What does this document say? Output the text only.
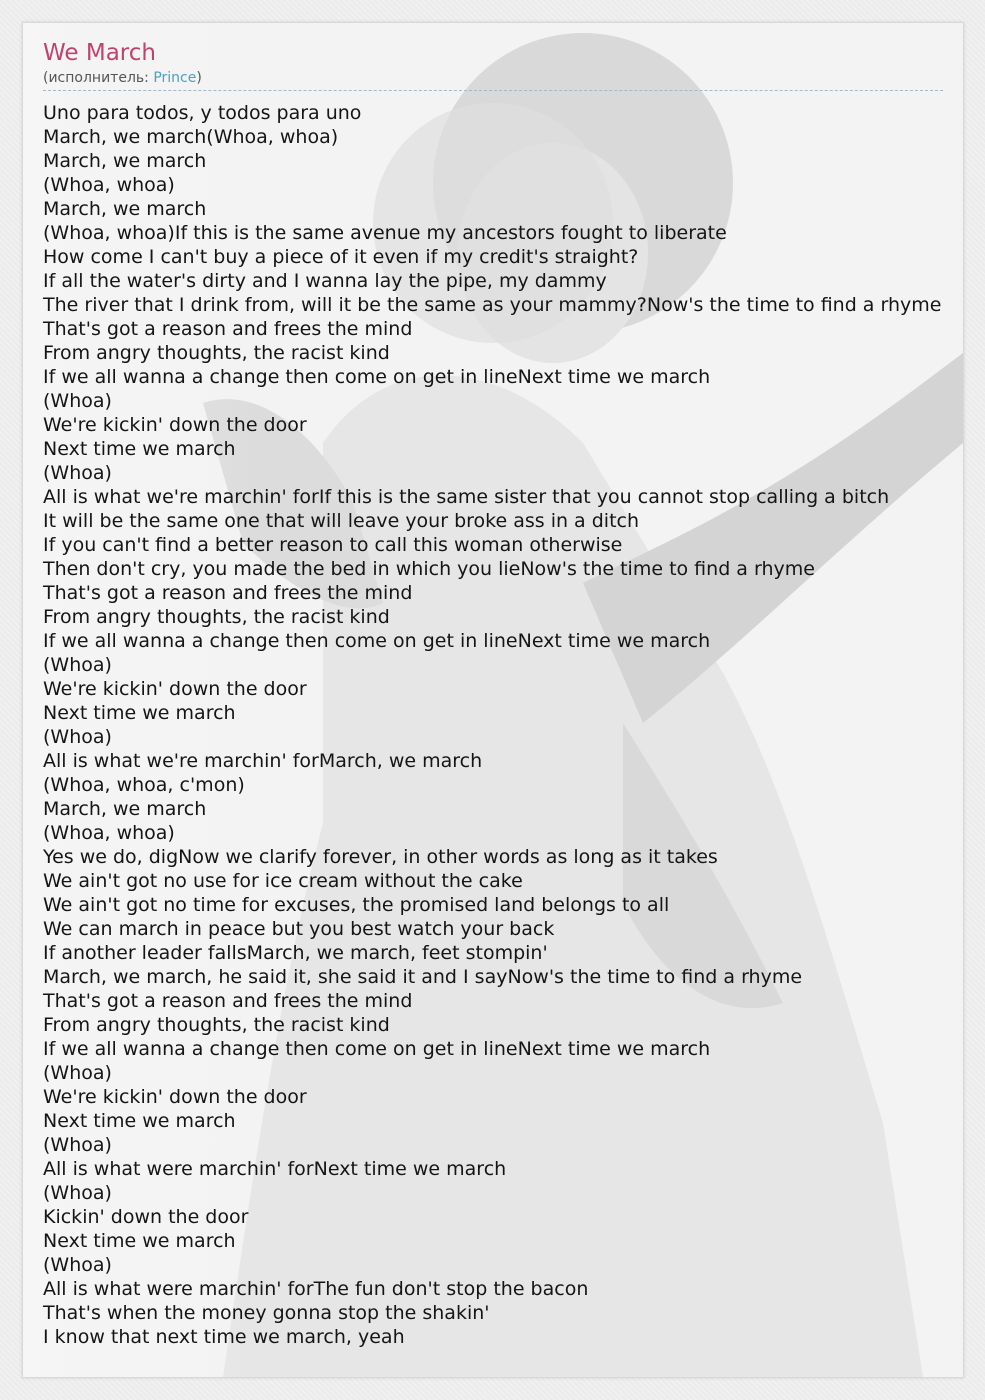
We March
(исполнитель: Prince)
Uno para todos, y todos para uno
March, we march(Whoa, whoa)
March, we march
(Whoa, whoa)
March, we march
(Whoa, whoa)If this is the same avenue my ancestors fought to liberate
How come I can't buy a piece of it even if my credit's straight?
If all the water's dirty and I wanna lay the pipe, my dammy
The river that I drink from, will it be the same as your mammy?Now's the time to find a rhyme
That's got a reason and frees the mind
From angry thoughts, the racist kind
If we all wanna a change then come on get in lineNext time we march
(Whoa)
We're kickin' down the door
Next time we march
(Whoa)
All is what we're marchin' forIf this is the same sister that you cannot stop calling a bitch
It will be the same one that will leave your broke ass in a ditch
If you can't find a better reason to call this woman otherwise
Then don't cry, you made the bed in which you lieNow's the time to find a rhyme
That's got a reason and frees the mind
From angry thoughts, the racist kind
If we all wanna a change then come on get in lineNext time we march
(Whoa)
We're kickin' down the door
Next time we march
(Whoa)
All is what we're marchin' forMarch, we march
(Whoa, whoa, c'mon)
March, we march
(Whoa, whoa)
Yes we do, digNow we clarify forever, in other words as long as it takes
We ain't got no use for ice cream without the cake
We ain't got no time for excuses, the promised land belongs to all
We can march in peace but you best watch your back
If another leader fallsMarch, we march, feet stompin'
March, we march, he said it, she said it and I sayNow's the time to find a rhyme
That's got a reason and frees the mind
From angry thoughts, the racist kind
If we all wanna a change then come on get in lineNext time we march
(Whoa)
We're kickin' down the door
Next time we march
(Whoa)
All is what were marchin' forNext time we march
(Whoa)
Kickin' down the door
Next time we march
(Whoa)
All is what were marchin' forThe fun don't stop the bacon
That's when the money gonna stop the shakin'
I know that next time we march, yeah
